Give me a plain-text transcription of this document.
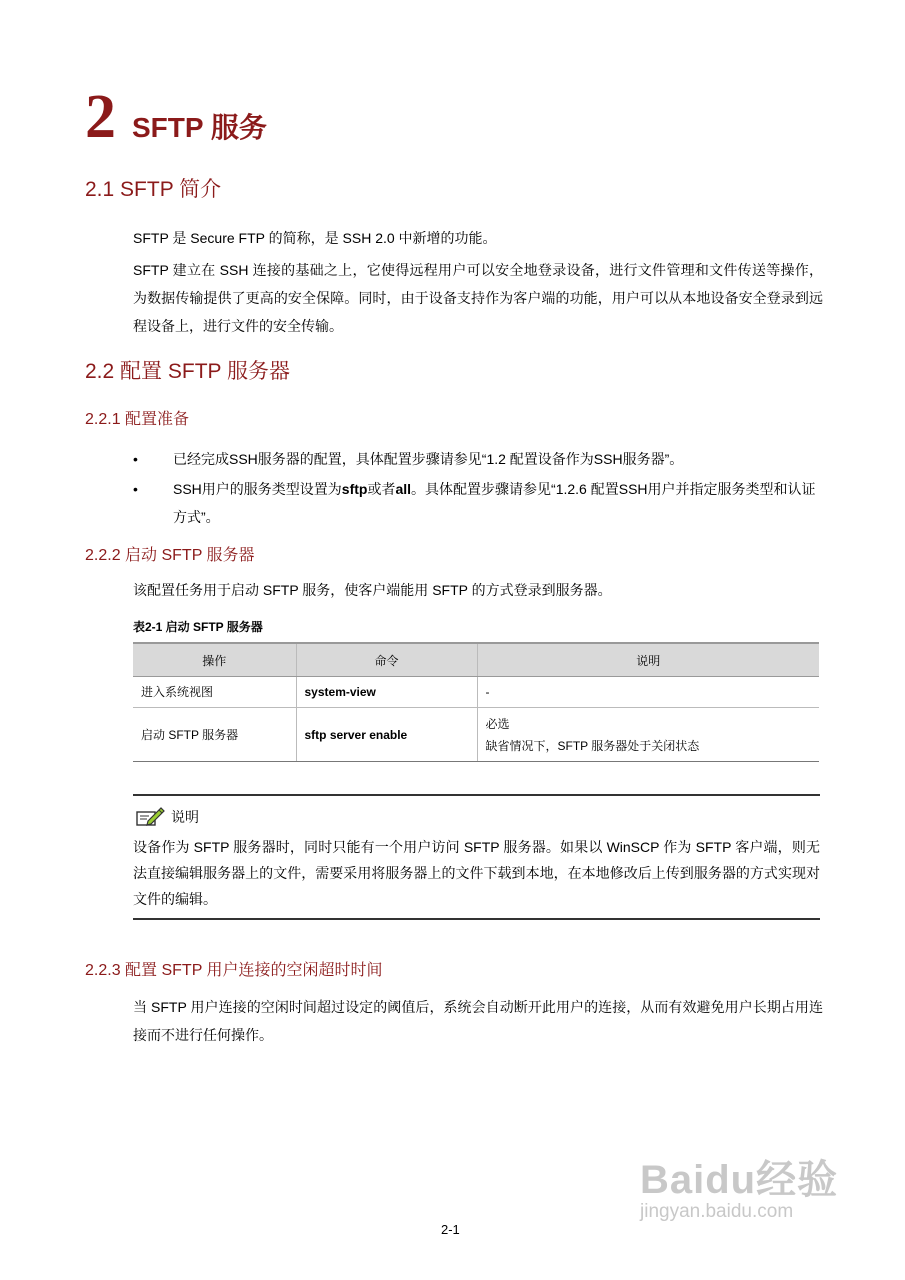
2 SFTP 服务
2.1 SFTP 简介
SFTP 是 Secure FTP 的简称，是 SSH 2.0 中新增的功能。
SFTP 建立在 SSH 连接的基础之上，它使得远程用户可以安全地登录设备，进行文件管理和文件传送等操作，为数据传输提供了更高的安全保障。同时，由于设备支持作为客户端的功能，用户可以从本地设备安全登录到远程设备上，进行文件的安全传输。
2.2 配置 SFTP 服务器
2.2.1 配置准备
•	已经完成SSH服务器的配置，具体配置步骤请参见“1.2 配置设备作为SSH服务器”。
•	SSH用户的服务类型设置为sftp或者all。具体配置步骤请参见“1.2.6 配置SSH用户并指定服务类型和认证方式”。
2.2.2 启动 SFTP 服务器
该配置任务用于启动 SFTP 服务，使客户端能用 SFTP 的方式登录到服务器。
表2-1 启动 SFTP 服务器
操作	命令	说明
进入系统视图	system-view	-
启动 SFTP 服务器	sftp server enable	必选
缺省情况下，SFTP 服务器处于关闭状态
说明
设备作为 SFTP 服务器时，同时只能有一个用户访问 SFTP 服务器。如果以 WinSCP 作为 SFTP 客户端，则无法直接编辑服务器上的文件，需要采用将服务器上的文件下载到本地，在本地修改后上传到服务器的方式实现对文件的编辑。
2.2.3 配置 SFTP 用户连接的空闲超时时间
当 SFTP 用户连接的空闲时间超过设定的阈值后，系统会自动断开此用户的连接，从而有效避免用户长期占用连接而不进行任何操作。
Baidu经验
jingyan.baidu.com
2-1
